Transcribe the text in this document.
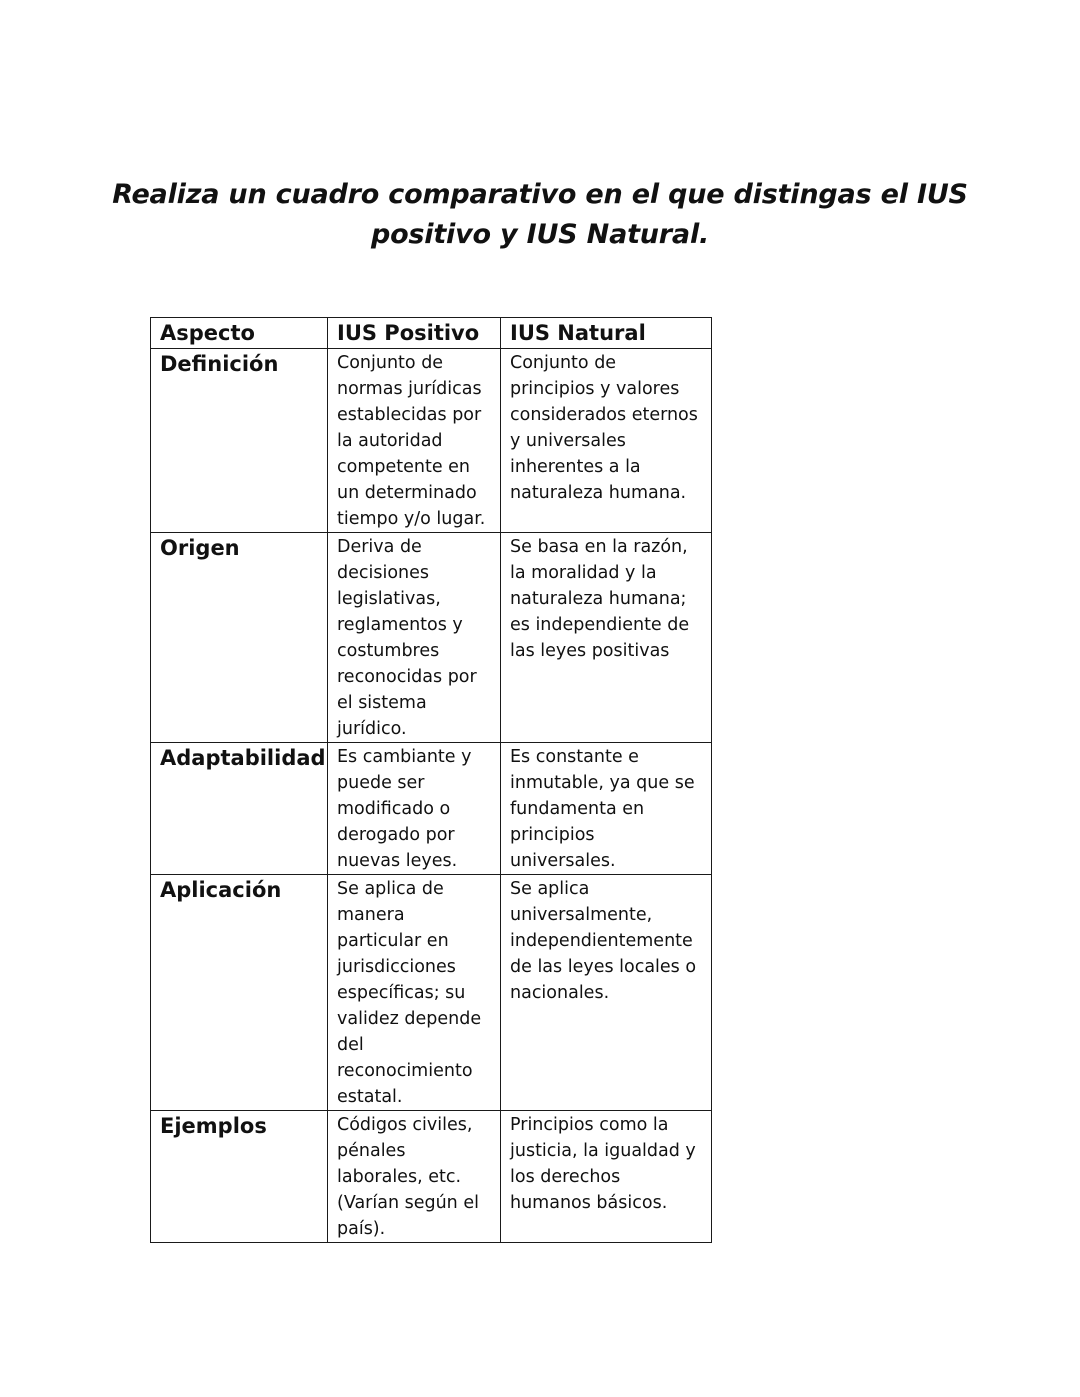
Realiza un cuadro comparativo en el que distingas el IUS
positivo y IUS Natural.
Aspecto	IUS Positivo	IUS Natural
Definición	Conjunto de normas jurídicas establecidas por la autoridad competente en un determinado tiempo y/o lugar.	Conjunto de principios y valores considerados eternos y universales inherentes a la naturaleza humana.
Origen	Deriva de decisiones legislativas, reglamentos y costumbres reconocidas por el sistema jurídico.	Se basa en la razón, la moralidad y la naturaleza humana; es independiente de las leyes positivas
Adaptabilidad	Es cambiante y puede ser modificado o derogado por nuevas leyes.	Es constante e inmutable, ya que se fundamenta en principios universales.
Aplicación	Se aplica de manera particular en jurisdicciones específicas; su validez depende del reconocimiento estatal.	Se aplica universalmente, independientemente de las leyes locales o nacionales.
Ejemplos	Códigos civiles, pénales laborales, etc. (Varían según el país).	Principios como la justicia, la igualdad y los derechos humanos básicos.
